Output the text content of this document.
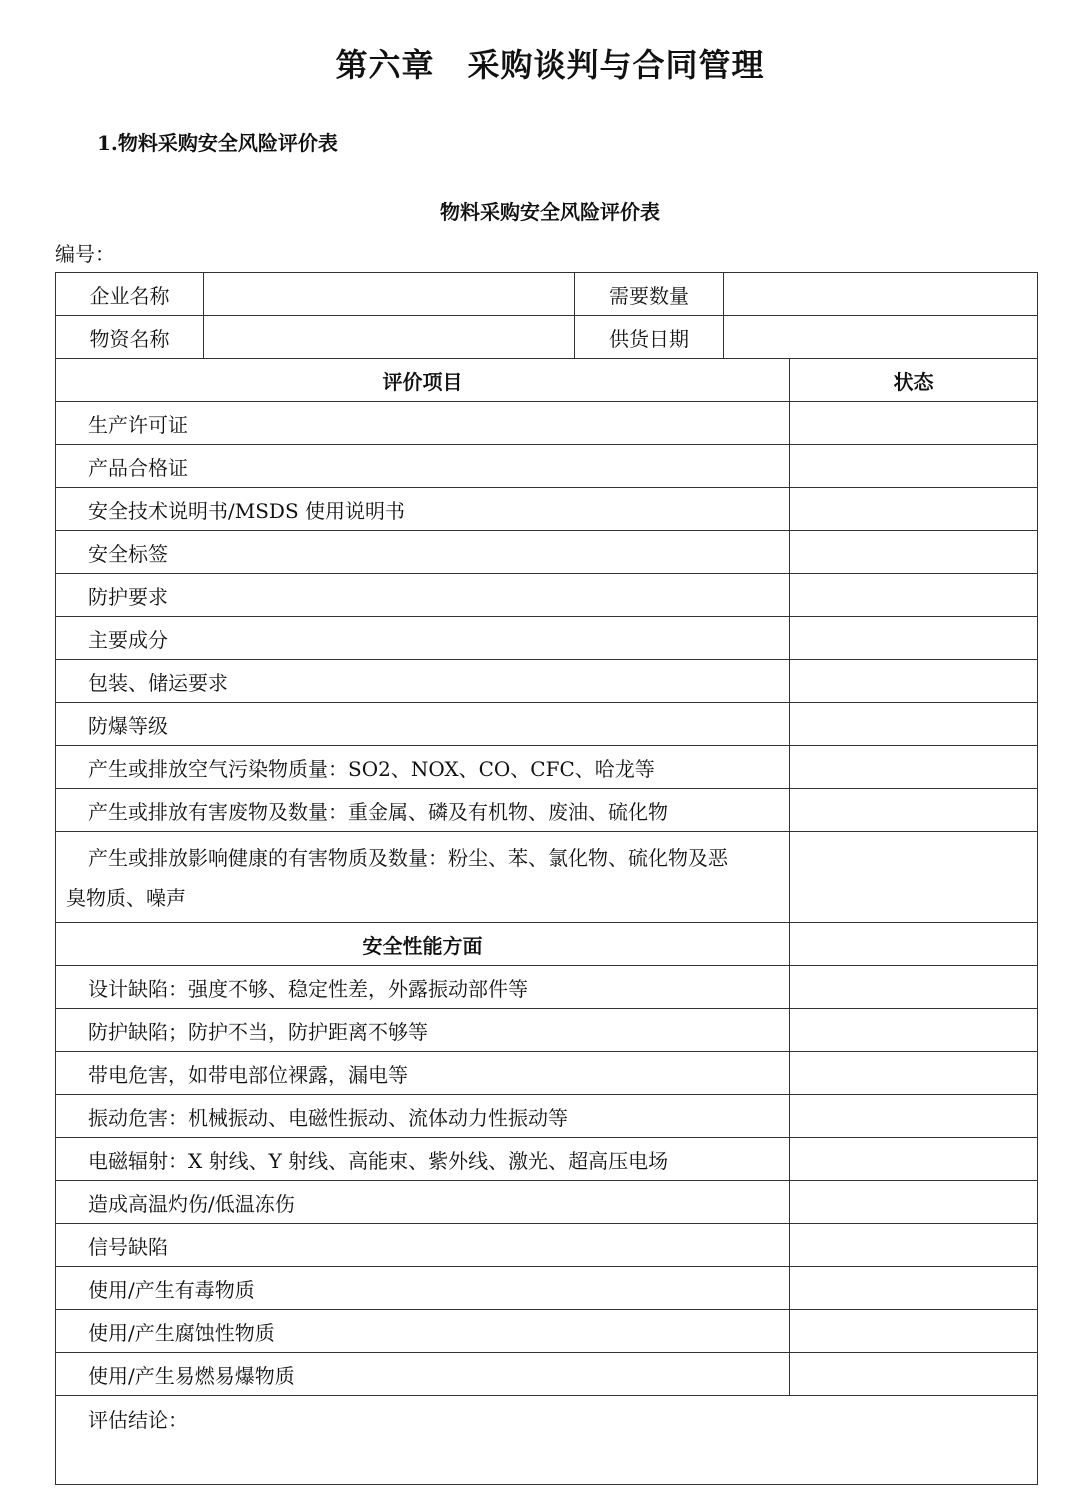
第六章　采购谈判与合同管理
1.物料采购安全风险评价表
物料采购安全风险评价表
编号：
企业名称		需要数量		
物资名称		供货日期		
评价项目				状态
生产许可证				
产品合格证				
安全技术说明书/MSDS 使用说明书				
安全标签				
防护要求				
主要成分				
包装、储运要求				
防爆等级				
产生或排放空气污染物质量：SO2、NOX、CO、CFC、哈龙等				
产生或排放有害废物及数量：重金属、磷及有机物、废油、硫化物				

产生或排放影响健康的有害物质及数量：粉尘、苯、氯化物、硫化物及恶
臭物质、噪声				

安全性能方面				
设计缺陷：强度不够、稳定性差，外露振动部件等				
防护缺陷；防护不当，防护距离不够等				
带电危害，如带电部位裸露，漏电等				
振动危害：机械振动、电磁性振动、流体动力性振动等				
电磁辐射：X 射线、Y 射线、高能束、紫外线、激光、超高压电场				
造成高温灼伤/低温冻伤				
信号缺陷				
使用/产生有毒物质				
使用/产生腐蚀性物质				
使用/产生易燃易爆物质				
评估结论：				
